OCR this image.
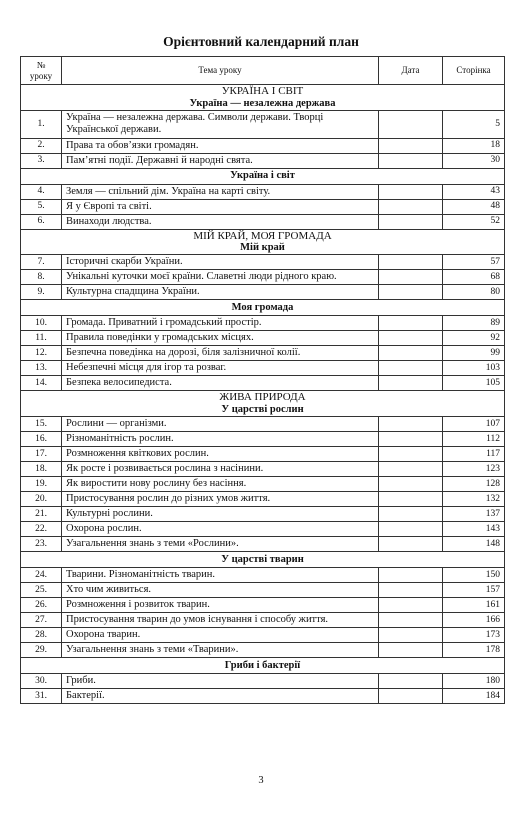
Орієнтовний календарний план
№ уроку	Тема уроку	Дата	Сторінка

УКРАЇНА І СВІТ
Україна — незалежна держава			

1.	Україна — незалежна держава. Символи держави. Творці Української держави.		5
2.	Права та обов’язки громадян.		18
3.	Пам’ятні події. Державні й народні свята.		30
Україна і світ			
4.	Земля — спільний дім. Україна на карті світу.		43
5.	Я у Європі та світі.		48
6.	Винаходи людства.		52

МІЙ КРАЙ, МОЯ ГРОМАДА
Мій край			

7.	Історичні скарби України.		57
8.	Унікальні куточки моєї країни. Славетні люди рідного краю.		68
9.	Культурна спадщина України.		80
Моя громада			
10.	Громада. Приватний і громадський простір.		89
11.	Правила поведінки у громадських місцях.		92
12.	Безпечна поведінка на дорозі, біля залізничної колії.		99
13.	Небезпечні місця для ігор та розваг.		103
14.	Безпека велосипедиста.		105

ЖИВА ПРИРОДА
У царстві рослин			

15.	Рослини — організми.		107
16.	Різноманітність рослин.		112
17.	Розмноження квіткових рослин.		117
18.	Як росте і розвивається рослина з насінини.		123
19.	Як виростити нову рослину без насіння.		128
20.	Пристосування рослин до різних умов життя.		132
21.	Культурні рослини.		137
22.	Охорона рослин.		143
23.	Узагальнення знань з теми «Рослини».		148
У царстві тварин			
24.	Тварини. Різноманітність тварин.		150
25.	Хто чим живиться.		157
26.	Розмноження і розвиток тварин.		161
27.	Пристосування тварин до умов існування і способу життя.		166
28.	Охорона тварин.		173
29.	Узагальнення знань з теми «Тварини».		178
Гриби і бактерії			
30.	Гриби.		180
31.	Бактерії.		184
3
